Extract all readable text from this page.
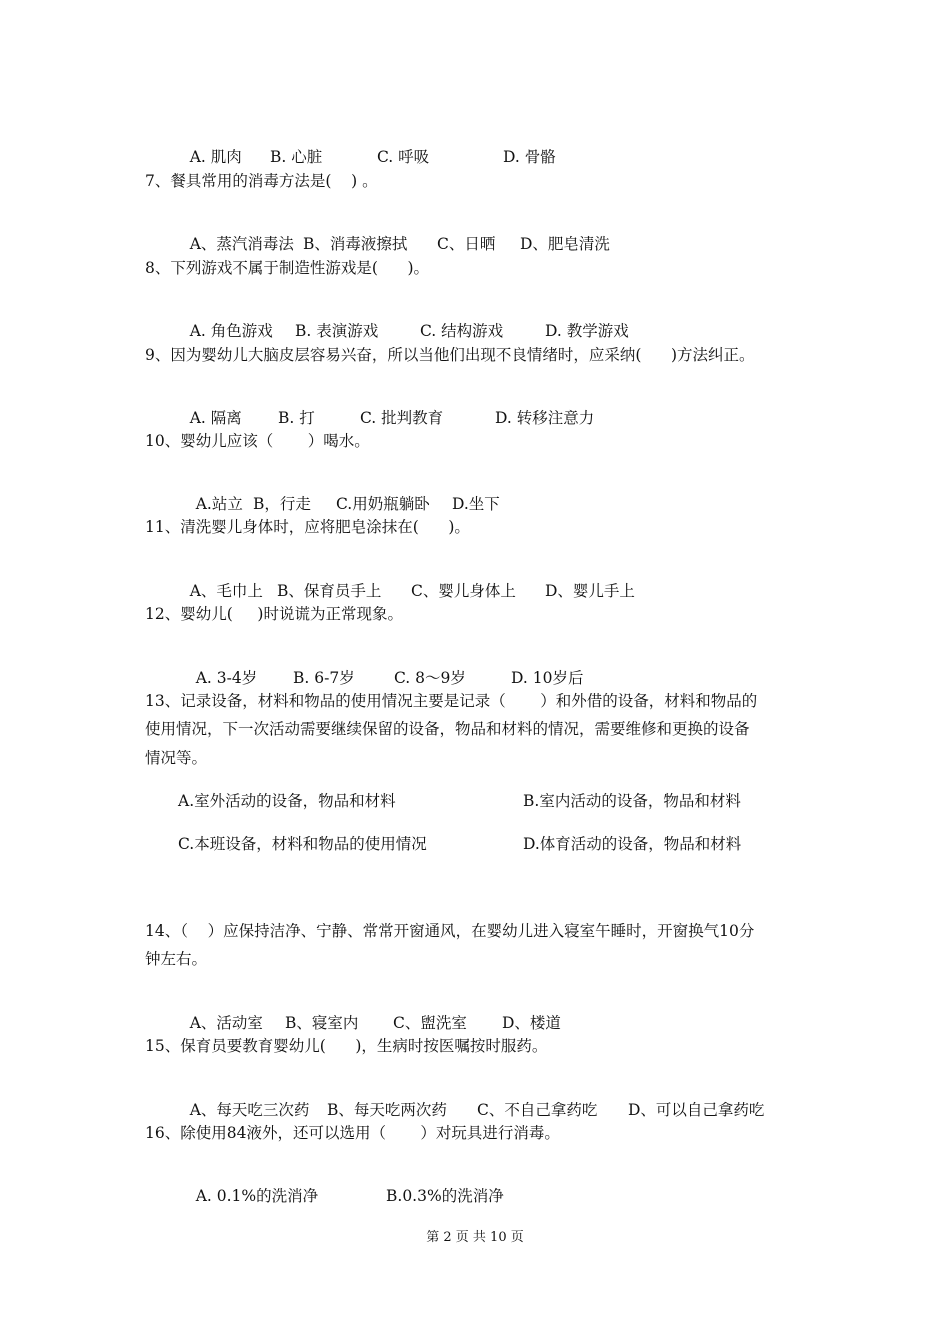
A. 肌肉 B. 心脏	C. 呼吸	D. 骨骼

7、餐具常用的消毒方法是(    ) 。

A、蒸汽消毒法 B、消毒液擦拭 C、日晒 D、肥皂清洗

8、下列游戏不属于制造性游戏是(      )。

A. 角色游戏 B. 表演游戏	C. 结构游戏	D. 教学游戏

9、因为婴幼儿大脑皮层容易兴奋，所以当他们出现不良情绪时，应采纳(      )方法纠正。

A. 隔离 B. 打	C. 批判教育	D. 转移注意力

10、婴幼儿应该（       ）喝水。

A.站立 B，行走 C.用奶瓶躺卧 D.坐下

11、清洗婴儿身体时，应将肥皂涂抹在(      )。

A、毛巾上 B、保育员手上 C、婴儿身体上 D、婴儿手上

12、婴幼儿(     )时说谎为正常现象。

A. 3-4岁 B. 6-7岁	C. 8～9岁	D. 10岁后

13、记录设备，材料和物品的使用情况主要是记录（       ）和外借的设备，材料和物品的
使用情况，下一次活动需要继续保留的设备，物品和材料的情况，需要维修和更换的设备
情况等。
A.室外活动的设备，物品和材料	B.室内活动的设备，物品和材料
C.本班设备，材料和物品的使用情况	D.体育活动的设备，物品和材料
14、（    ）应保持洁净、宁静、常常开窗通风，在婴幼儿进入寝室午睡时，开窗换气10分
钟左右。

A、活动室 B、寝室内 C、盥洗室 D、楼道

15、保育员要教育婴幼儿(      )，生病时按医嘱按时服药。

A、每天吃三次药 B、每天吃两次药 C、不自己拿药吃 D、可以自己拿药吃

16、除使用84液外，还可以选用（       ）对玩具进行消毒。

A. 0.1%的洗消净	B.0.3%的洗消净

第 2 页 共 10 页
